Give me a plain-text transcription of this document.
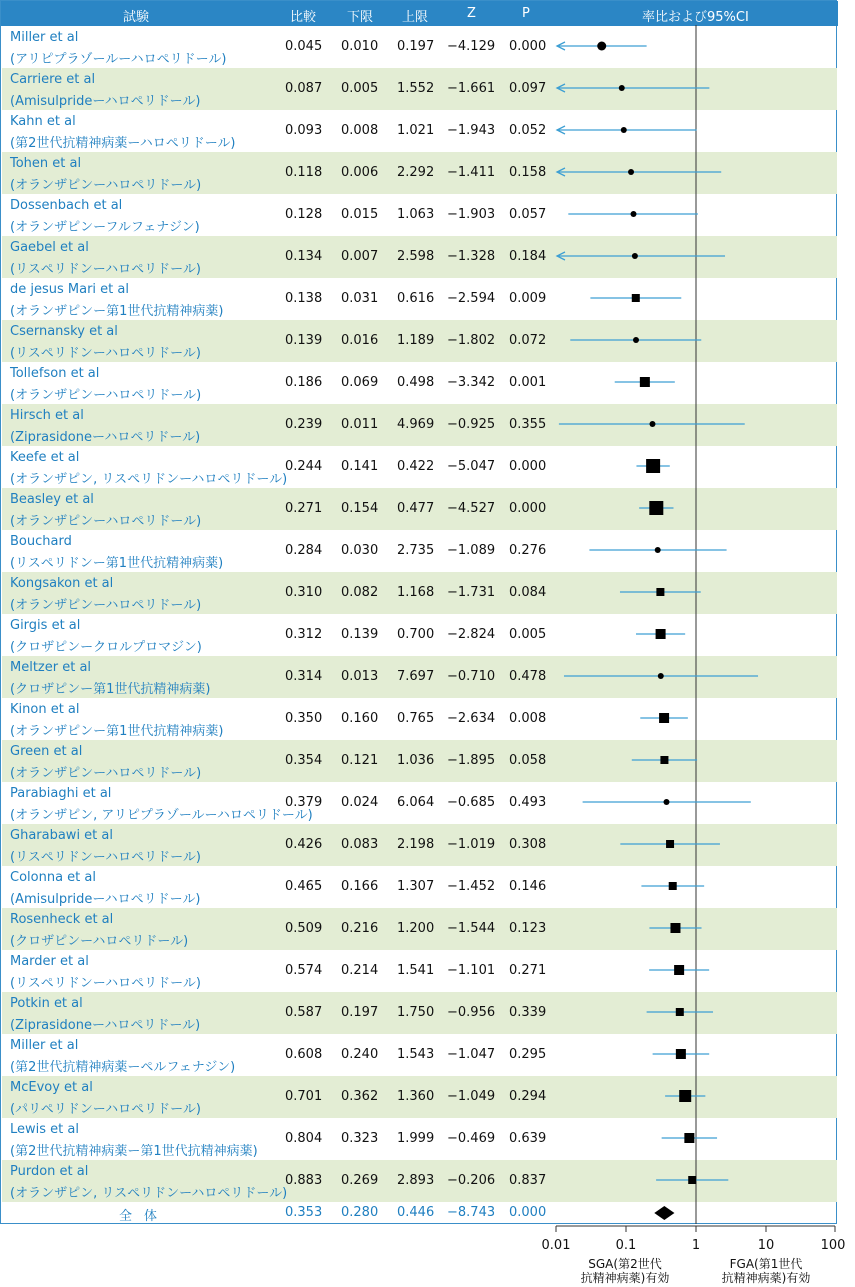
試験	比較 下限 上限	Z	P	率比および95%CI
Miller et al
(アリピプラゾールーハロペリドール)
0.045 0.010 0.197 −4.129 0.000
Carriere et al
(Amisulprideーハロペリドール)
0.087 0.005 1.552 −1.661 0.097
Kahn et al
(第2世代抗精神病薬ーハロペリドール)
0.093 0.008 1.021 −1.943 0.052
Tohen et al
(オランザピンーハロペリドール)
0.118 0.006 2.292 −1.411 0.158
Dossenbach et al
(オランザピンーフルフェナジン)
0.128 0.015 1.063 −1.903 0.057
Gaebel et al
(リスペリドンーハロペリドール)
0.134 0.007 2.598 −1.328 0.184
de jesus Mari et al
(オランザピンー第1世代抗精神病薬)
0.138 0.031 0.616 −2.594 0.009
Csernansky et al
(リスペリドンーハロペリドール)
0.139 0.016 1.189 −1.802 0.072
Tollefson et al
(オランザピンーハロペリドール)
0.186 0.069 0.498 −3.342 0.001
Hirsch et al
(Ziprasidoneーハロペリドール)
0.239 0.011 4.969 −0.925 0.355
Keefe et al
(オランザピン, リスペリドンーハロペリドール)
0.244 0.141 0.422 −5.047 0.000
Beasley et al
(オランザピンーハロペリドール)
0.271 0.154 0.477 −4.527 0.000
Bouchard
(リスペリドンー第1世代抗精神病薬)
0.284 0.030 2.735 −1.089 0.276
Kongsakon et al
(オランザピンーハロペリドール)
0.310 0.082 1.168 −1.731 0.084
Girgis et al
(クロザピンークロルプロマジン)
0.312 0.139 0.700 −2.824 0.005
Meltzer et al
(クロザピンー第1世代抗精神病薬)
0.314 0.013 7.697 −0.710 0.478
Kinon et al
(オランザピンー第1世代抗精神病薬)
0.350 0.160 0.765 −2.634 0.008
Green et al
(オランザピンーハロペリドール)
0.354 0.121 1.036 −1.895 0.058
Parabiaghi et al
(オランザピン, アリピプラゾールーハロペリドール)
0.379 0.024 6.064 −0.685 0.493
Gharabawi et al
(リスペリドンーハロペリドール)
0.426 0.083 2.198 −1.019 0.308
Colonna et al
(Amisulprideーハロペリドール)
0.465 0.166 1.307 −1.452 0.146
Rosenheck et al
(クロザピンーハロペリドール)
0.509 0.216 1.200 −1.544 0.123
Marder et al
(リスペリドンーハロペリドール)
0.574 0.214 1.541 −1.101 0.271
Potkin et al
(Ziprasidoneーハロペリドール)
0.587 0.197 1.750 −0.956 0.339
Miller et al
(第2世代抗精神病薬ーペルフェナジン)
0.608 0.240 1.543 −1.047 0.295
McEvoy et al
(パリペリドンーハロペリドール)
0.701 0.362 1.360 −1.049 0.294
Lewis et al
(第2世代抗精神病薬ー第1世代抗精神病薬)
0.804 0.323 1.999 −0.469 0.639
Purdon et al
(オランザピン, リスペリドンーハロペリドール)
0.883 0.269 2.893 −0.206 0.837
全体	0.353 0.280 0.446 −8.743 0.000
0.01	0.1	1	10	100
SGA(第2世代
抗精神病薬)有効
FGA(第1世代
抗精神病薬)有効
